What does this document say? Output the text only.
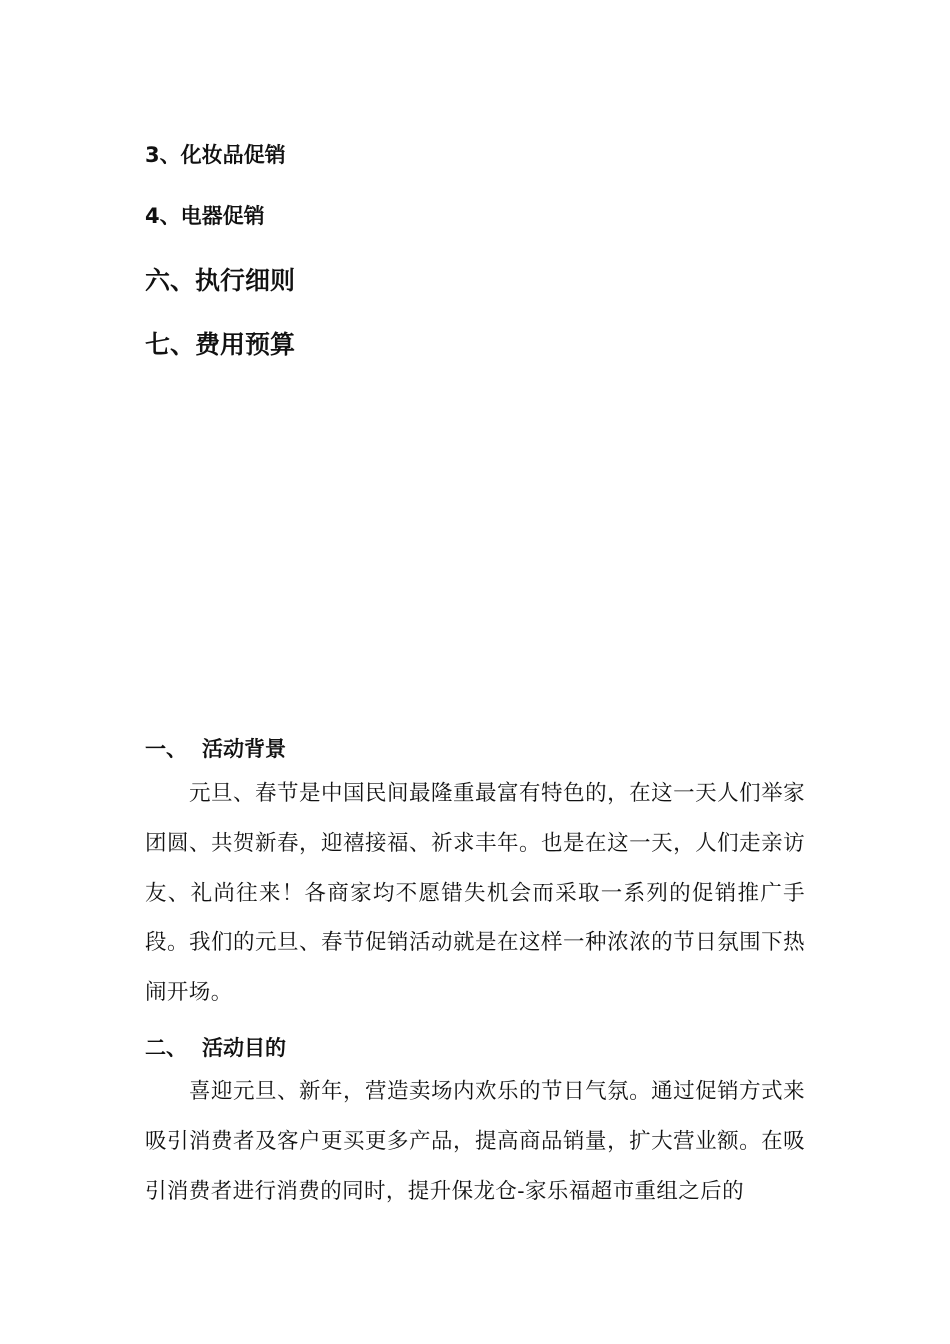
3、化妆品促销
4、电器促销
六、执行细则
七、费用预算
一、 活动背景

元旦、春节是中国民间最隆重最富有特色的，在这一天人们举家团圆、共贺新春，迎禧接福、祈求丰年。也是在这一天，人们走亲访友、礼尚往来！各商家均不愿错失机会而采取一系列的促销推广手段。我们的元旦、春节促销活动就是在这样一种浓浓的节日氛围下热闹开场。

二、 活动目的

喜迎元旦、新年，营造卖场内欢乐的节日气氛。通过促销方式来吸引消费者及客户更买更多产品，提高商品销量，扩大营业额。在吸引消费者进行消费的同时，提升保龙仓-家乐福超市重组之后的
